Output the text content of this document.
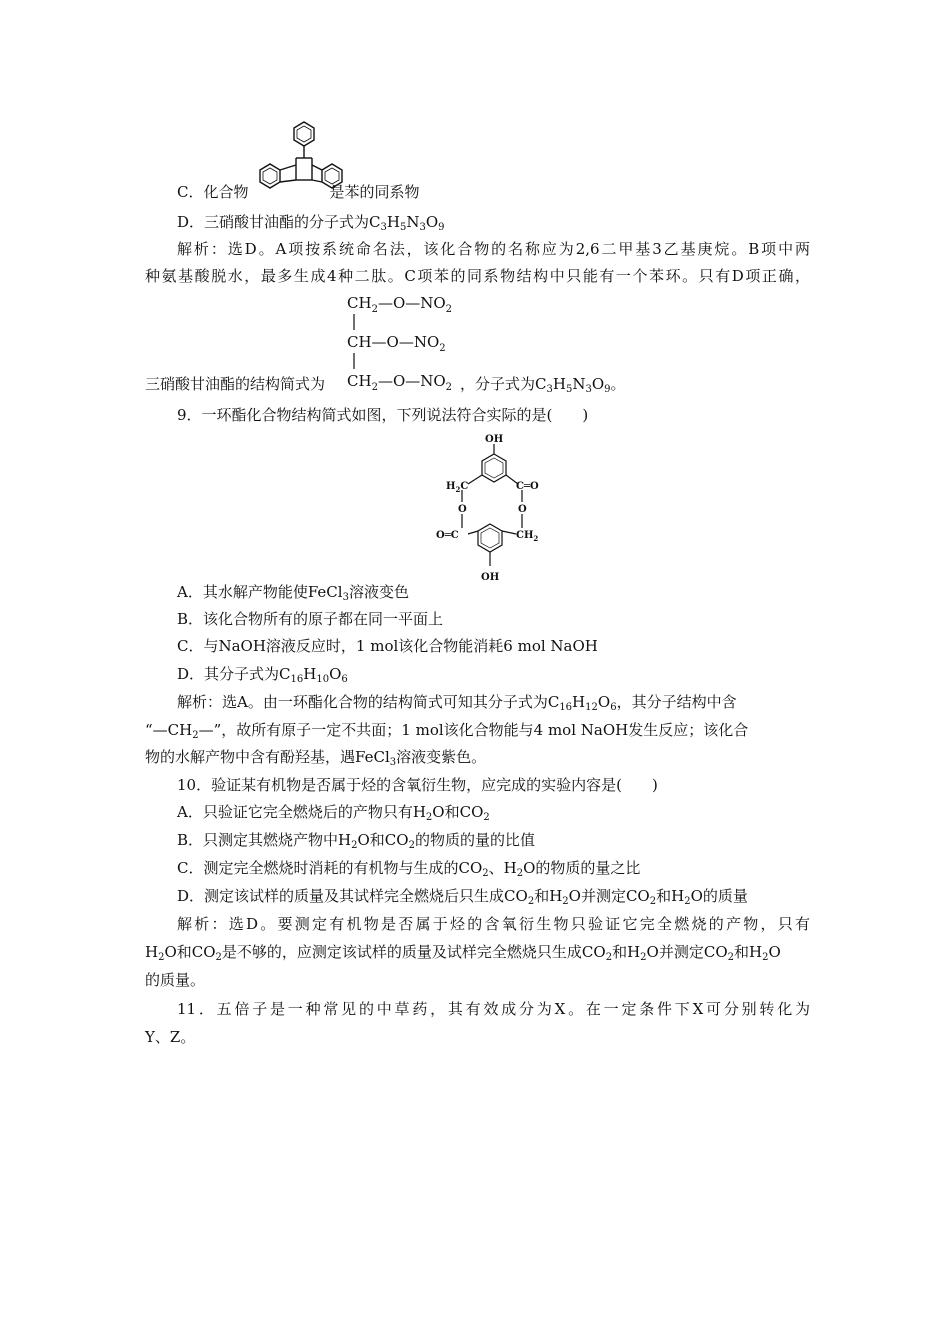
C．化合物	是苯的同系物
D．三硝酸甘油酯的分子式为$C_3H_5N_3O_9$
解析：选D。A项按系统命名法，该化合物的名称应为2,6二甲基3乙基庚烷。B项中两
种氨基酸脱水，最多生成4种二肽。C项苯的同系物结构中只能有一个苯环。只有D项正确，
$CH_2—O—NO_2$
$CH—O—NO_2$
$CH_2—O—NO_2$
三硝酸甘油酯的结构简式为	，分子式为$C_3H_5N_3O_9$。
9．一环酯化合物结构简式如图，下列说法符合实际的是(　　)
OH
$H_2C$	C═O
O	O
O═C	$CH_2$
OH
A．其水解产物能使FeCl$_3$溶液变色
B．该化合物所有的原子都在同一平面上
C．与NaOH溶液反应时，1 mol该化合物能消耗6 mol NaOH
D．其分子式为$C_{16}H_{10}O_6$
解析：选A。由一环酯化合物的结构简式可知其分子式为$C_{16}H_{12}O_6$，其分子结构中含
“$—CH_2—$”，故所有原子一定不共面；1 mol该化合物能与4 mol NaOH发生反应；该化合
物的水解产物中含有酚羟基，遇FeCl$_3$溶液变紫色。
10．验证某有机物是否属于烃的含氧衍生物，应完成的实验内容是(　　)
A．只验证它完全燃烧后的产物只有$H_2O$和$CO_2$
B．只测定其燃烧产物中$H_2O$和$CO_2$的物质的量的比值
C．测定完全燃烧时消耗的有机物与生成的$CO_2$、$H_2O$的物质的量之比
D．测定该试样的质量及其试样完全燃烧后只生成$CO_2$和$H_2O$并测定$CO_2$和$H_2O$的质量
解析：选D。要测定有机物是否属于烃的含氧衍生物只验证它完全燃烧的产物，只有
$H_2O$和$CO_2$是不够的，应测定该试样的质量及试样完全燃烧只生成$CO_2$和$H_2O$并测定$CO_2$和$H_2O$
的质量。
11．五倍子是一种常见的中草药，其有效成分为X。在一定条件下X可分别转化为
Y、Z。
